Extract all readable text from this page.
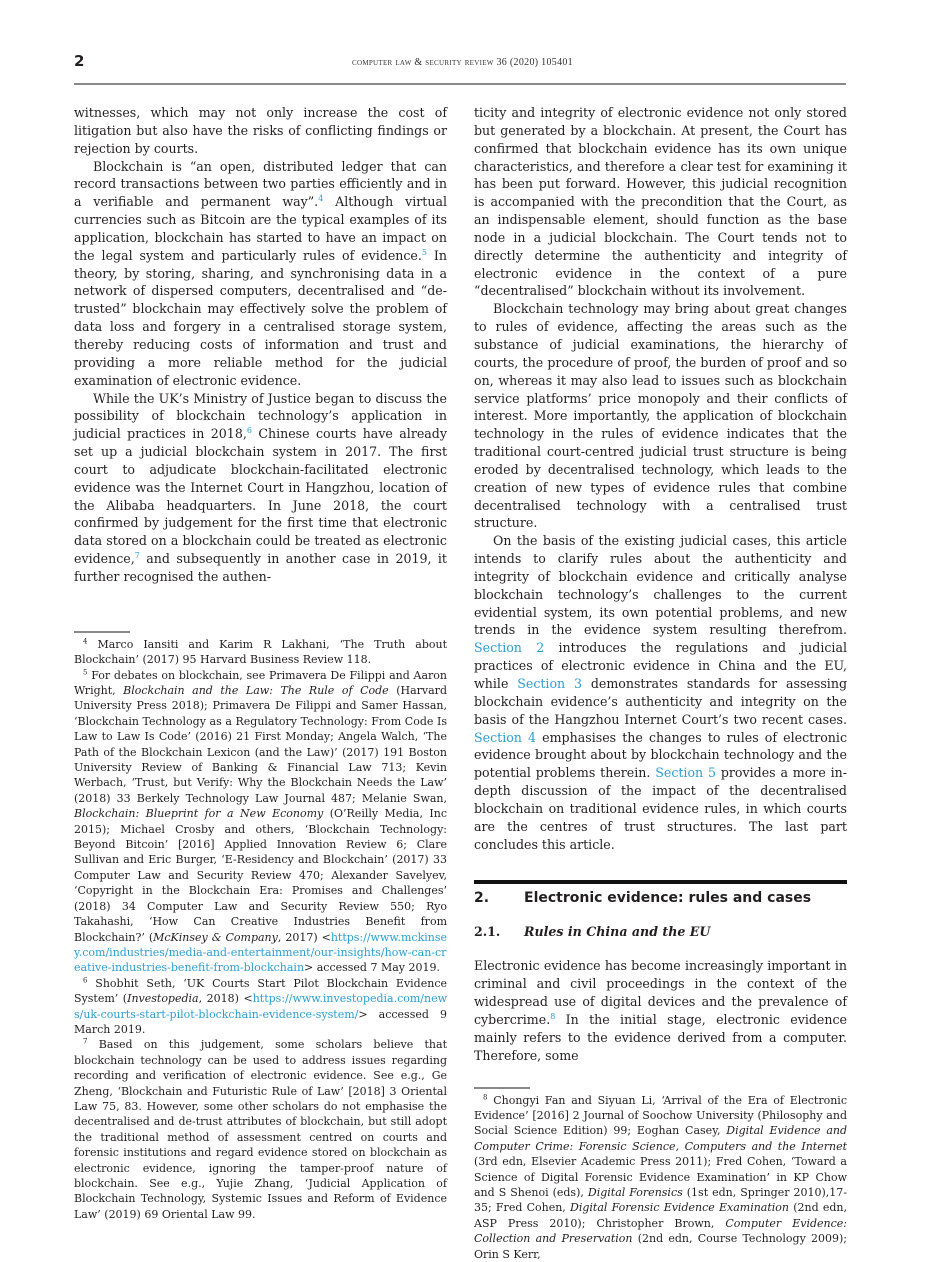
2	computer law & security review 36 (2020) 105401

witnesses, which may not only increase the cost of litigation but also have the risks of conflicting findings or rejection by courts.

Blockchain is “an open, distributed ledger that can record transactions between two parties efficiently and in a verifiable and permanent way”.$^4$ Although virtual currencies such as Bitcoin are the typical examples of its application, blockchain has started to have an impact on the legal system and particularly rules of evidence.$^5$ In theory, by storing, sharing, and synchronising data in a network of dispersed computers, decentralised and “de-trusted” blockchain may effectively solve the problem of data loss and forgery in a centralised storage system, thereby reducing costs of information and trust and providing a more reliable method for the judicial examination of electronic evidence.

While the UK’s Ministry of Justice began to discuss the possibility of blockchain technology’s application in judicial practices in 2018,$^6$ Chinese courts have already set up a judicial blockchain system in 2017. The first court to adjudicate blockchain-facilitated electronic evidence was the Internet Court in Hangzhou, location of the Alibaba headquarters. In June 2018, the court confirmed by judgement for the first time that electronic data stored on a blockchain could be treated as electronic evidence,$^7$ and subsequently in another case in 2019, it further recognised the authen-

$^4$ Marco Iansiti and Karim R Lakhani, ‘The Truth about Blockchain’ (2017) 95 Harvard Business Review 118.

$^5$ For debates on blockchain, see Primavera De Filippi and Aaron Wright, Blockchain and the Law: The Rule of Code (Harvard University Press 2018); Primavera De Filippi and Samer Hassan, ‘Blockchain Technology as a Regulatory Technology: From Code Is Law to Law Is Code’ (2016) 21 First Monday; Angela Walch, ‘The Path of the Blockchain Lexicon (and the Law)’ (2017) 191 Boston University Review of Banking & Financial Law 713; Kevin Werbach, ‘Trust, but Verify: Why the Blockchain Needs the Law’ (2018) 33 Berkely Technology Law Journal 487; Melanie Swan, Blockchain: Blueprint for a New Economy (O’Reilly Media, Inc 2015); Michael Crosby and others, ‘Blockchain Technology: Beyond Bitcoin’ [2016] Applied Innovation Review 6; Clare Sullivan and Eric Burger, ‘E-Residency and Blockchain’ (2017) 33 Computer Law and Security Review 470; Alexander Savelyev, ‘Copyright in the Blockchain Era: Promises and Challenges’ (2018) 34 Computer Law and Security Review 550; Ryo Takahashi, ‘How Can Creative Industries Benefit from Blockchain?’ (McKinsey & Company, 2017) <https://www.mckinsey.com/industries/media-and-entertainment/our-insights/how-can-creative-industries-benefit-from-blockchain> accessed 7 May 2019.

$^6$ Shobhit Seth, ‘UK Courts Start Pilot Blockchain Evidence System’ (Investopedia, 2018) <https://www.investopedia.com/news/uk-courts-start-pilot-blockchain-evidence-system/> accessed 9 March 2019.

$^7$ Based on this judgement, some scholars believe that blockchain technology can be used to address issues regarding recording and verification of electronic evidence. See e.g., Ge Zheng, ‘Blockchain and Futuristic Rule of Law’ [2018] 3 Oriental Law 75, 83. However, some other scholars do not emphasise the decentralised and de-trust attributes of blockchain, but still adopt the traditional method of assessment centred on courts and forensic institutions and regard evidence stored on blockchain as electronic evidence, ignoring the tamper-proof nature of blockchain. See e.g., Yujie Zhang, ‘Judicial Application of Blockchain Technology, Systemic Issues and Reform of Evidence Law’ (2019) 69 Oriental Law 99.

ticity and integrity of electronic evidence not only stored but generated by a blockchain. At present, the Court has confirmed that blockchain evidence has its own unique characteristics, and therefore a clear test for examining it has been put forward. However, this judicial recognition is accompanied with the precondition that the Court, as an indispensable element, should function as the base node in a judicial blockchain. The Court tends not to directly determine the authenticity and integrity of electronic evidence in the context of a pure “decentralised” blockchain without its involvement.

Blockchain technology may bring about great changes to rules of evidence, affecting the areas such as the substance of judicial examinations, the hierarchy of courts, the procedure of proof, the burden of proof and so on, whereas it may also lead to issues such as blockchain service platforms’ price monopoly and their conflicts of interest. More importantly, the application of blockchain technology in the rules of evidence indicates that the traditional court-centred judicial trust structure is being eroded by decentralised technology, which leads to the creation of new types of evidence rules that combine decentralised technology with a centralised trust structure.

On the basis of the existing judicial cases, this article intends to clarify rules about the authenticity and integrity of blockchain evidence and critically analyse blockchain technology’s challenges to the current evidential system, its own potential problems, and new trends in the evidence system resulting therefrom. Section 2 introduces the regulations and judicial practices of electronic evidence in China and the EU, while Section 3 demonstrates standards for assessing blockchain evidence’s authenticity and integrity on the basis of the Hangzhou Internet Court’s two recent cases. Section 4 emphasises the changes to rules of electronic evidence brought about by blockchain technology and the potential problems therein. Section 5 provides a more in-depth discussion of the impact of the decentralised blockchain on traditional evidence rules, in which courts are the centres of trust structures. The last part concludes this article.

2.	Electronic evidence: rules and cases
2.1.	Rules in China and the EU

Electronic evidence has become increasingly important in criminal and civil proceedings in the context of the widespread use of digital devices and the prevalence of cybercrime.$^8$ In the initial stage, electronic evidence mainly refers to the evidence derived from a computer. Therefore, some

$^8$ Chongyi Fan and Siyuan Li, ‘Arrival of the Era of Electronic Evidence’ [2016] 2 Journal of Soochow University (Philosophy and Social Science Edition) 99; Eoghan Casey, Digital Evidence and Computer Crime: Forensic Science, Computers and the Internet (3rd edn, Elsevier Academic Press 2011); Fred Cohen, ‘Toward a Science of Digital Forensic Evidence Examination’ in KP Chow and S Shenoi (eds), Digital Forensics (1st edn, Springer 2010),17-35; Fred Cohen, Digital Forensic Evidence Examination (2nd edn, ASP Press 2010); Christopher Brown, Computer Evidence: Collection and Preservation (2nd edn, Course Technology 2009); Orin S Kerr,
